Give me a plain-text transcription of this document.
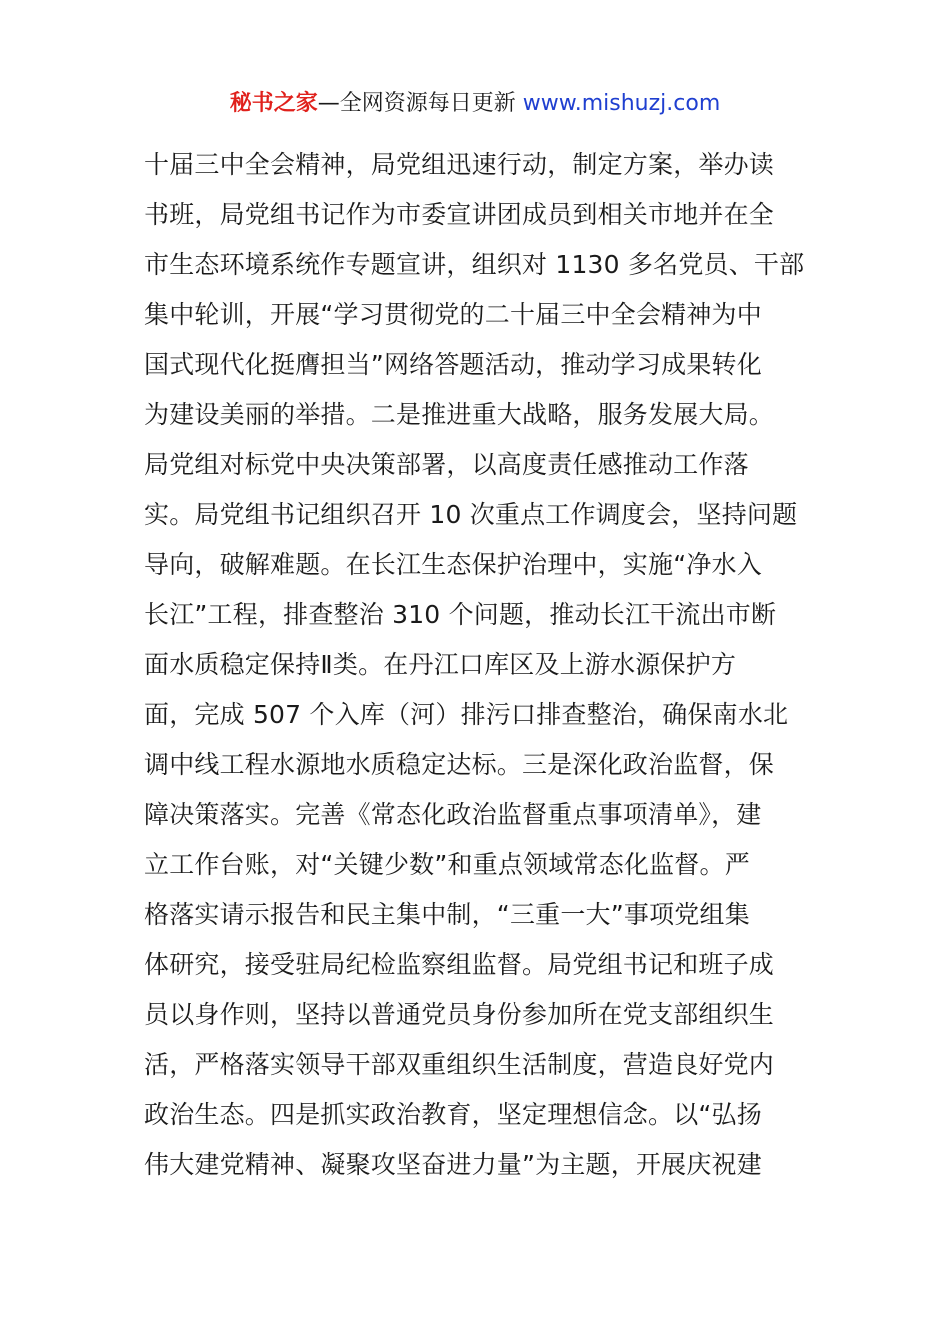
秘书之家—全网资源每日更新 www.mishuzj.com
十届三中全会精神，局党组迅速行动，制定方案，举办读
书班，局党组书记作为市委宣讲团成员到相关市地并在全
市生态环境系统作专题宣讲，组织对 1130 多名党员、干部
集中轮训，开展“学习贯彻党的二十届三中全会精神为中
国式现代化挺膺担当”网络答题活动，推动学习成果转化
为建设美丽的举措。二是推进重大战略，服务发展大局。
局党组对标党中央决策部署，以高度责任感推动工作落
实。局党组书记组织召开 10 次重点工作调度会，坚持问题
导向，破解难题。在长江生态保护治理中，实施“净水入
长江”工程，排查整治 310 个问题，推动长江干流出市断
面水质稳定保持Ⅱ类。在丹江口库区及上游水源保护方
面，完成 507 个入库（河）排污口排查整治，确保南水北
调中线工程水源地水质稳定达标。三是深化政治监督，保
障决策落实。完善《常态化政治监督重点事项清单》，建
立工作台账，对“关键少数”和重点领域常态化监督。严
格落实请示报告和民主集中制，“三重一大”事项党组集
体研究，接受驻局纪检监察组监督。局党组书记和班子成
员以身作则，坚持以普通党员身份参加所在党支部组织生
活，严格落实领导干部双重组织生活制度，营造良好党内
政治生态。四是抓实政治教育，坚定理想信念。以“弘扬
伟大建党精神、凝聚攻坚奋进力量”为主题，开展庆祝建
